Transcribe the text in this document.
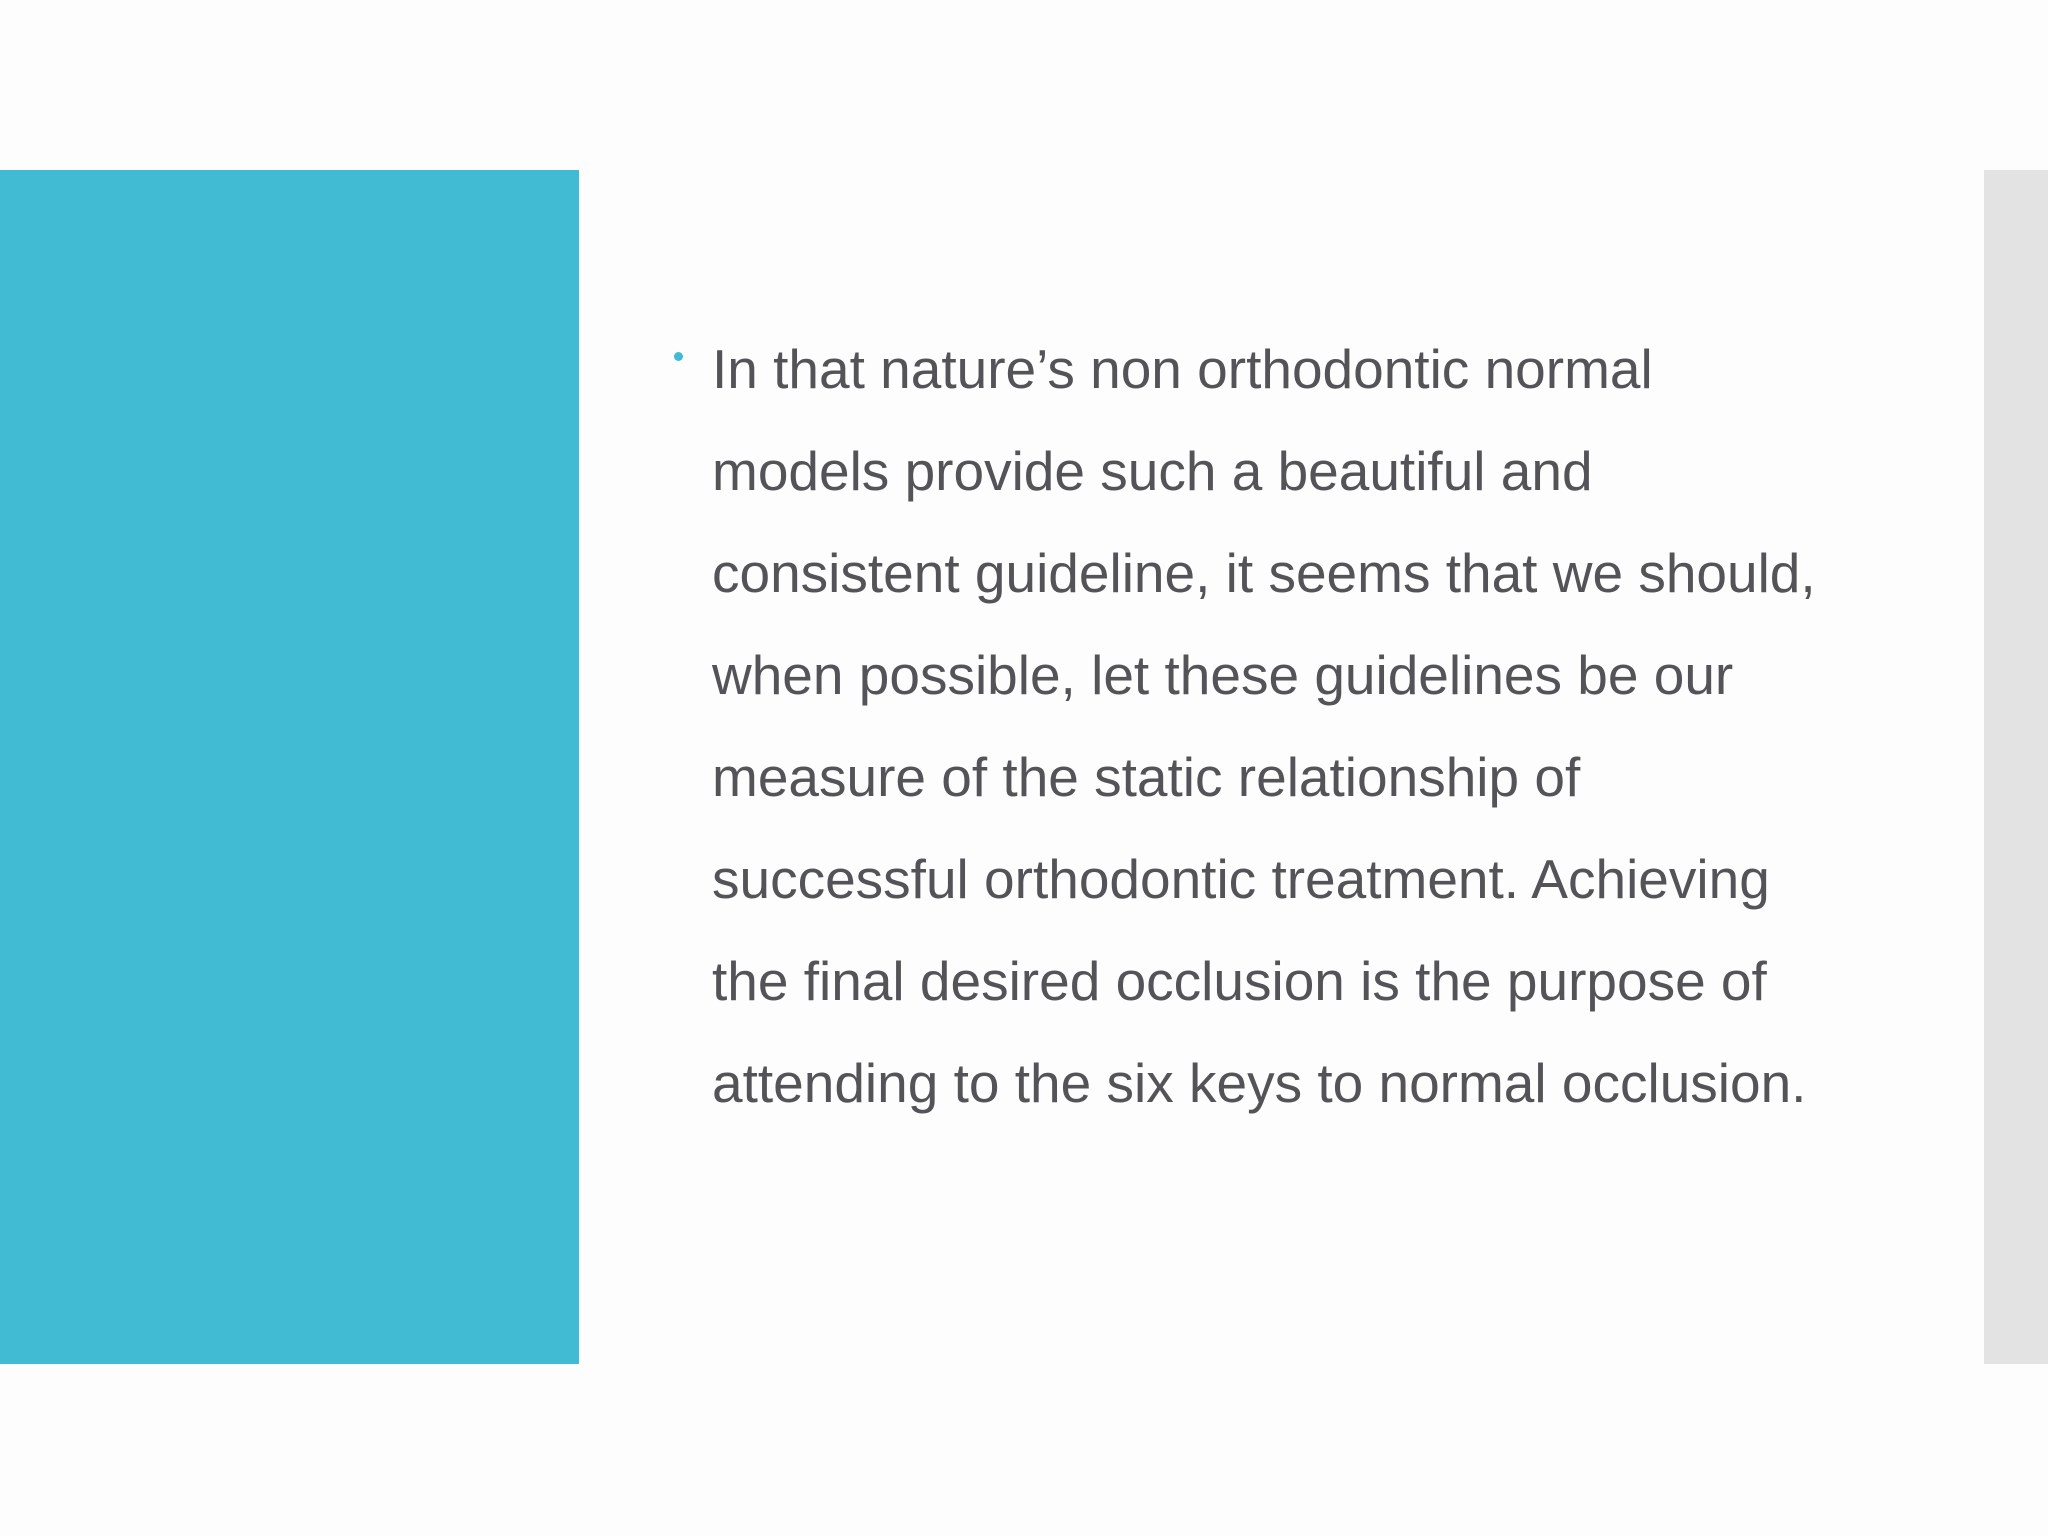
In that nature’s non orthodontic normal
models provide such a beautiful and
consistent guideline, it seems that we should,
when possible, let these guidelines be our
measure of the static relationship of
successful orthodontic treatment. Achieving
the final desired occlusion is the purpose of
attending to the six keys to normal occlusion.
